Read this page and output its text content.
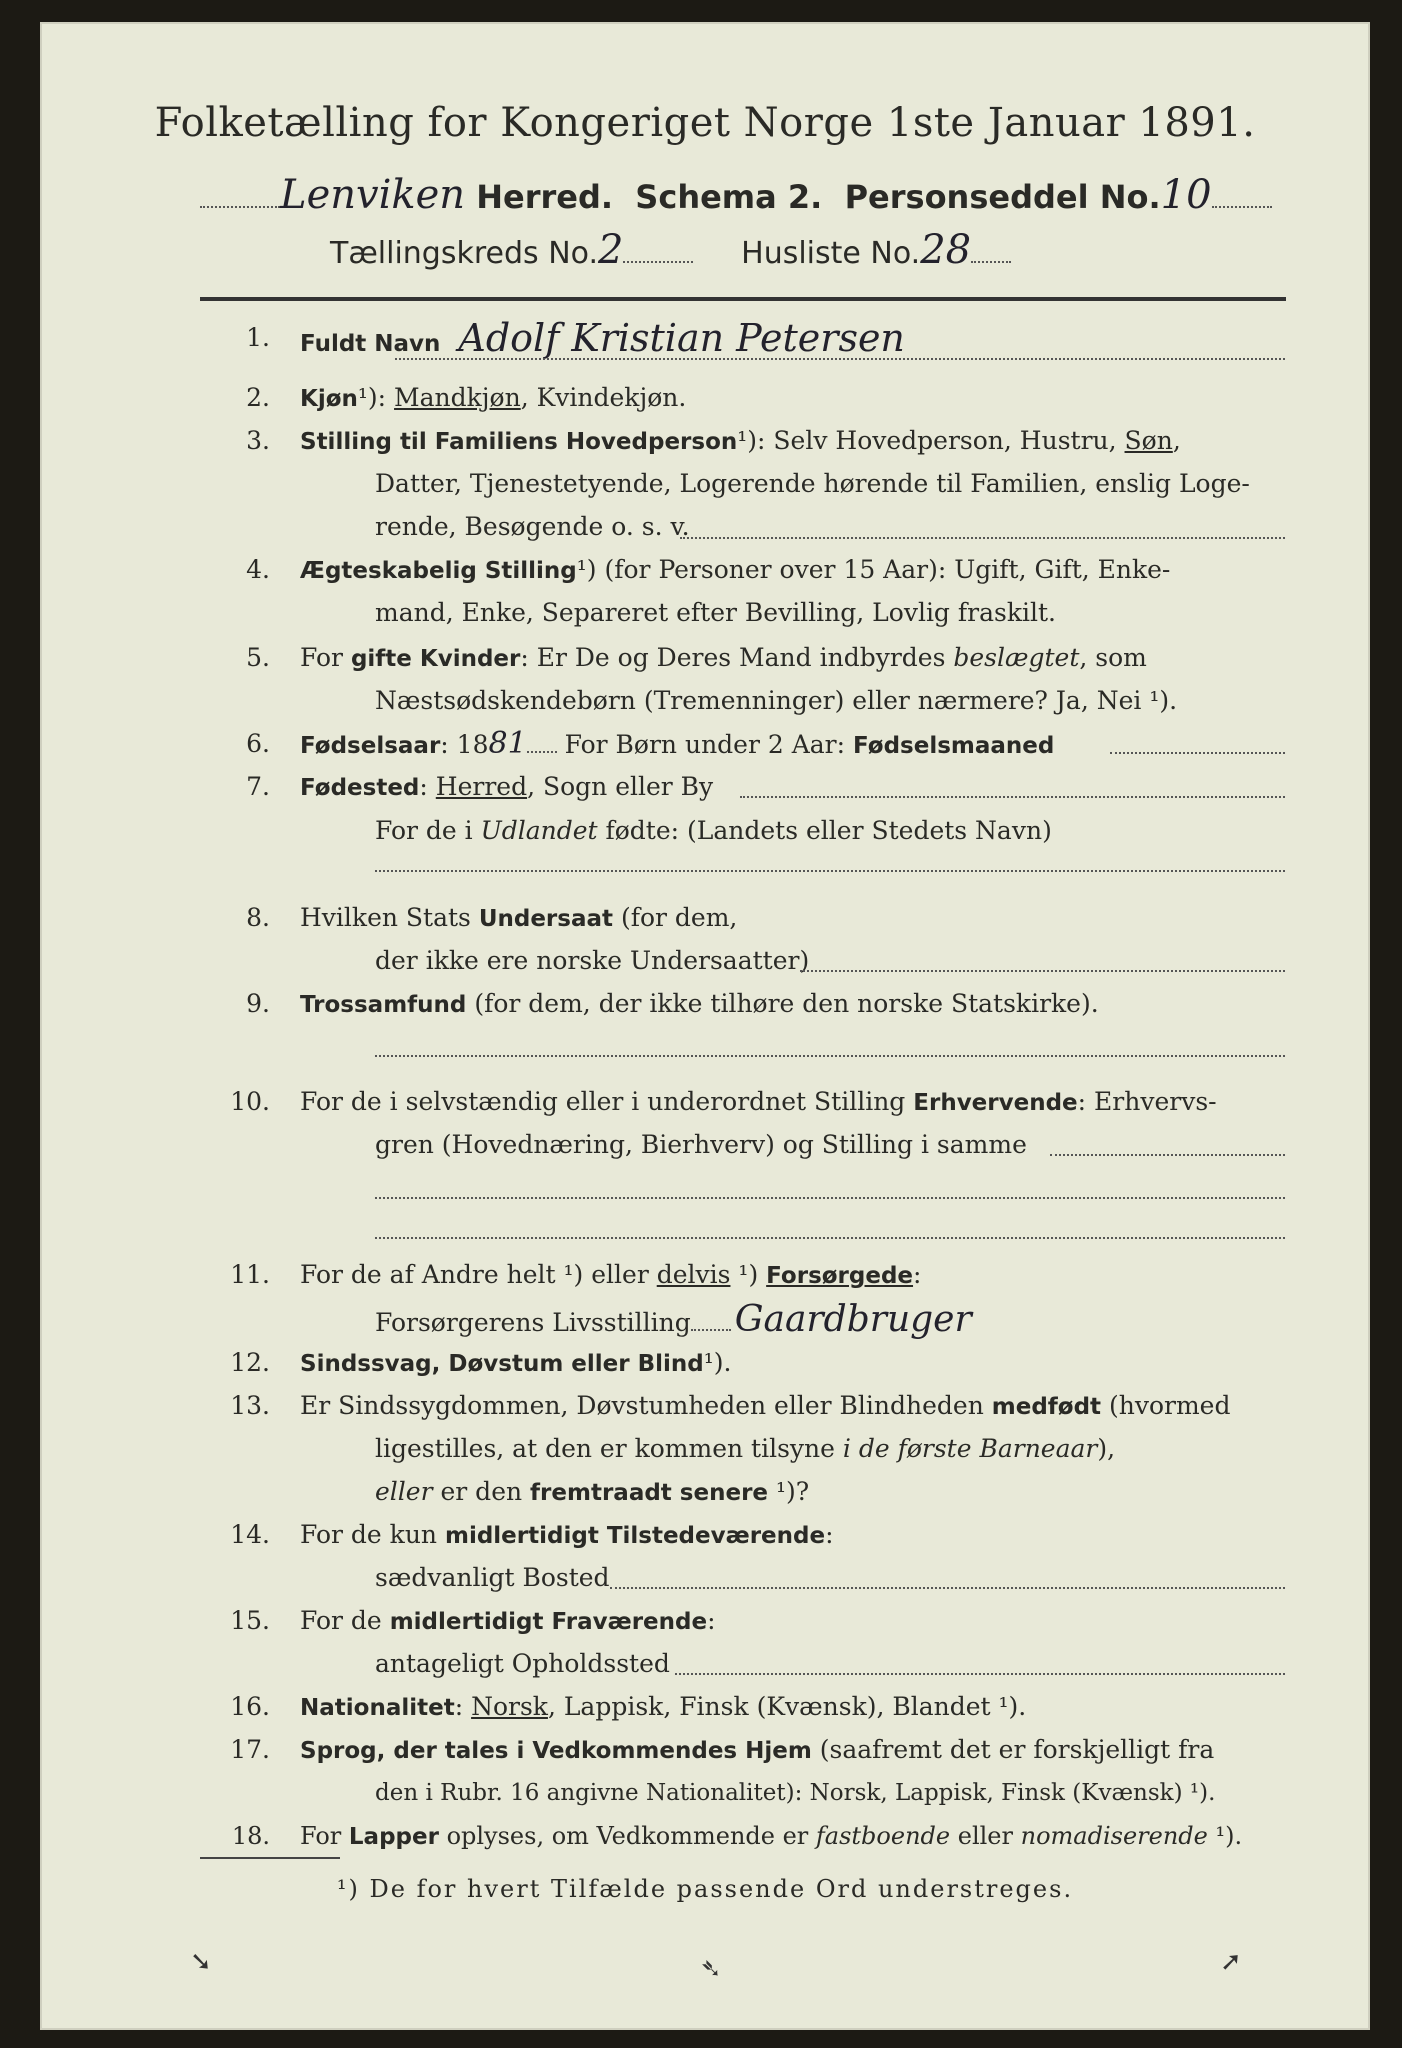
Folketælling for Kongeriget Norge 1ste Januar 1891.
Lenviken Herred. Schema 2. Personseddel No.10
Tællingskreds No.2	Husliste No.28
1. Fuldt Navn Adolf Kristian Petersen
2. Kjøn¹): Mandkjøn, Kvindekjøn.
3. Stilling til Familiens Hovedperson¹): Selv Hovedperson, Hustru, Søn,
Datter, Tjenestetyende, Logerende hørende til Familien, enslig Loge-
rende, Besøgende o. s. v.
4. Ægteskabelig Stilling¹) (for Personer over 15 Aar): Ugift, Gift, Enke-
mand, Enke, Separeret efter Bevilling, Lovlig fraskilt.
5. For gifte Kvinder: Er De og Deres Mand indbyrdes beslægtet, som
Næstsødskendebørn (Tremenninger) eller nærmere? Ja, Nei ¹).
6. Fødselsaar: 1881 For Børn under 2 Aar: Fødselsmaaned
7. Fødested: Herred, Sogn eller By
For de i Udlandet fødte: (Landets eller Stedets Navn)
8. Hvilken Stats Undersaat (for dem,
der ikke ere norske Undersaatter)
9. Trossamfund (for dem, der ikke tilhøre den norske Statskirke).
10. For de i selvstændig eller i underordnet Stilling Erhvervende: Erhvervs-
gren (Hovednæring, Bierhverv) og Stilling i samme
11. For de af Andre helt ¹) eller delvis ¹) Forsørgede:
Forsørgerens Livsstilling Gaardbruger
12. Sindssvag, Døvstum eller Blind¹).
13. Er Sindssygdommen, Døvstumheden eller Blindheden medfødt (hvormed
ligestilles, at den er kommen tilsyne i de første Barneaar),
eller er den fremtraadt senere ¹)?
14. For de kun midlertidigt Tilstedeværende:
sædvanligt Bosted
15. For de midlertidigt Fraværende:
antageligt Opholdssted
16. Nationalitet: Norsk, Lappisk, Finsk (Kvænsk), Blandet ¹).
17. Sprog, der tales i Vedkommendes Hjem (saafremt det er forskjelligt fra
den i Rubr. 16 angivne Nationalitet): Norsk, Lappisk, Finsk (Kvænsk) ¹).
18. For Lapper oplyses, om Vedkommende er fastboende eller nomadiserende ¹).
¹) De for hvert Tilfælde passende Ord understreges.
➘	➴	➚
